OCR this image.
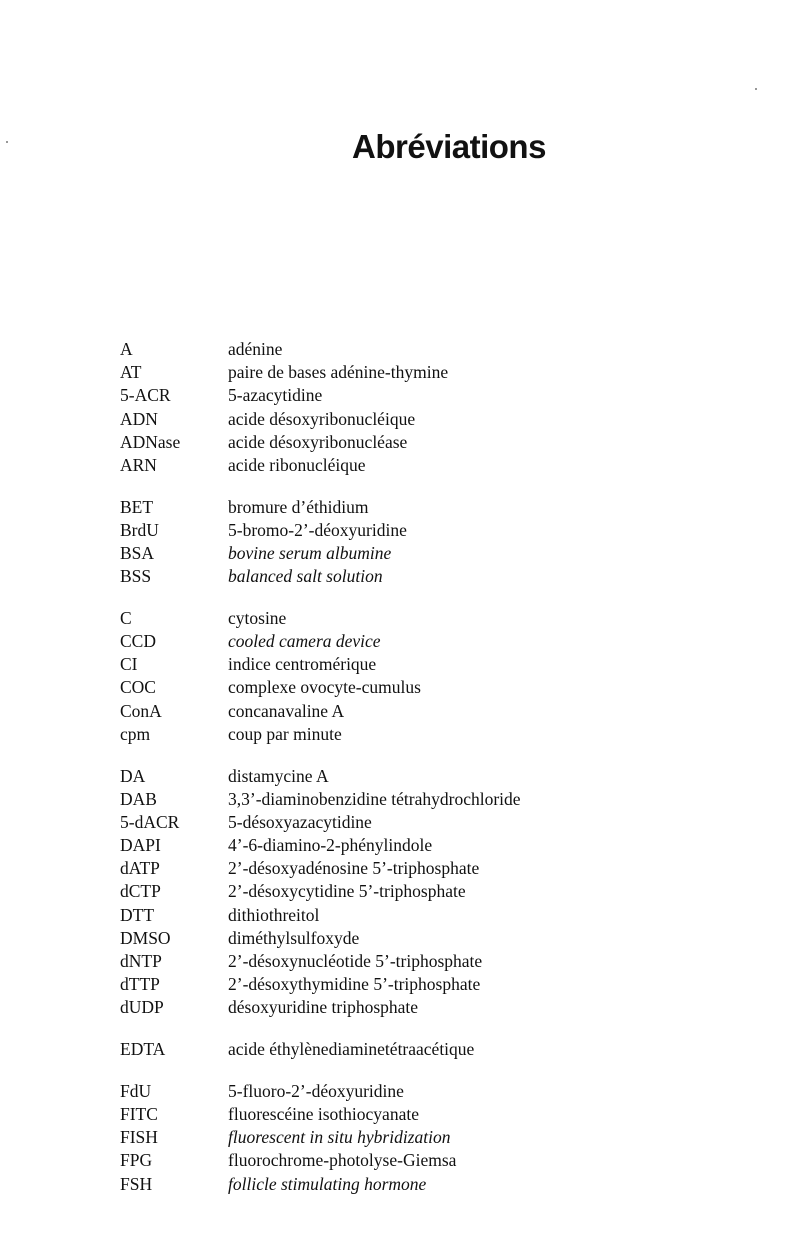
Abréviations
A	adénine
AT	paire de bases adénine-thymine
5-ACR	5-azacytidine
ADN	acide désoxyribonucléique
ADNase	acide désoxyribonucléase
ARN	acide ribonucléique
BET	bromure d’éthidium
BrdU	5-bromo-2’-déoxyuridine
BSA	bovine serum albumine
BSS	balanced salt solution
C	cytosine
CCD	cooled camera device
CI	indice centromérique
COC	complexe ovocyte-cumulus
ConA	concanavaline A
cpm	coup par minute
DA	distamycine A
DAB	3,3’-diaminobenzidine tétrahydrochloride
5-dACR	5-désoxyazacytidine
DAPI	4’-6-diamino-2-phénylindole
dATP	2’-désoxyadénosine 5’-triphosphate
dCTP	2’-désoxycytidine 5’-triphosphate
DTT	dithiothreitol
DMSO	diméthylsulfoxyde
dNTP	2’-désoxynucléotide 5’-triphosphate
dTTP	2’-désoxythymidine 5’-triphosphate
dUDP	désoxyuridine triphosphate
EDTA	acide éthylènediaminetétraacétique
FdU	5-fluoro-2’-déoxyuridine
FITC	fluorescéine isothiocyanate
FISH	fluorescent in situ hybridization
FPG	fluorochrome-photolyse-Giemsa
FSH	follicle stimulating hormone
